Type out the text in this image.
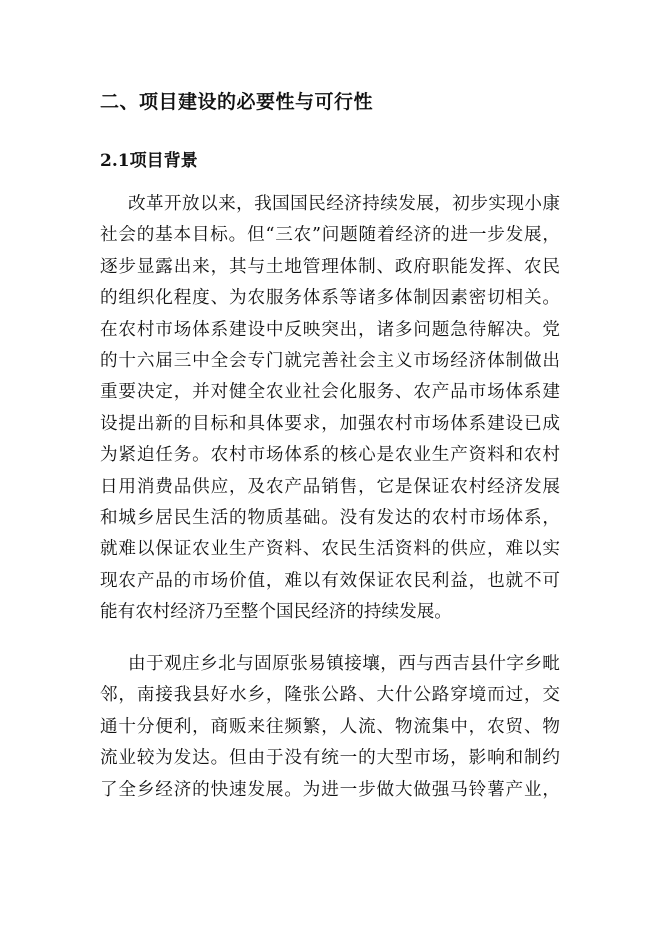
二、项目建设的必要性与可行性
2.1项目背景
改革开放以来，我国国民经济持续发展，初步实现小康
社会的基本目标。但“三农”问题随着经济的进一步发展，
逐步显露出来，其与土地管理体制、政府职能发挥、农民
的组织化程度、为农服务体系等诸多体制因素密切相关。
在农村市场体系建设中反映突出，诸多问题急待解决。党
的十六届三中全会专门就完善社会主义市场经济体制做出
重要决定，并对健全农业社会化服务、农产品市场体系建
设提出新的目标和具体要求，加强农村市场体系建设已成
为紧迫任务。农村市场体系的核心是农业生产资料和农村
日用消费品供应，及农产品销售，它是保证农村经济发展
和城乡居民生活的物质基础。没有发达的农村市场体系，
就难以保证农业生产资料、农民生活资料的供应，难以实
现农产品的市场价值，难以有效保证农民利益，也就不可
能有农村经济乃至整个国民经济的持续发展。
由于观庄乡北与固原张易镇接壤，西与西吉县什字乡毗
邻，南接我县好水乡，隆张公路、大什公路穿境而过，交
通十分便利，商贩来往频繁，人流、物流集中，农贸、物
流业较为发达。但由于没有统一的大型市场，影响和制约
了全乡经济的快速发展。为进一步做大做强马铃薯产业，
